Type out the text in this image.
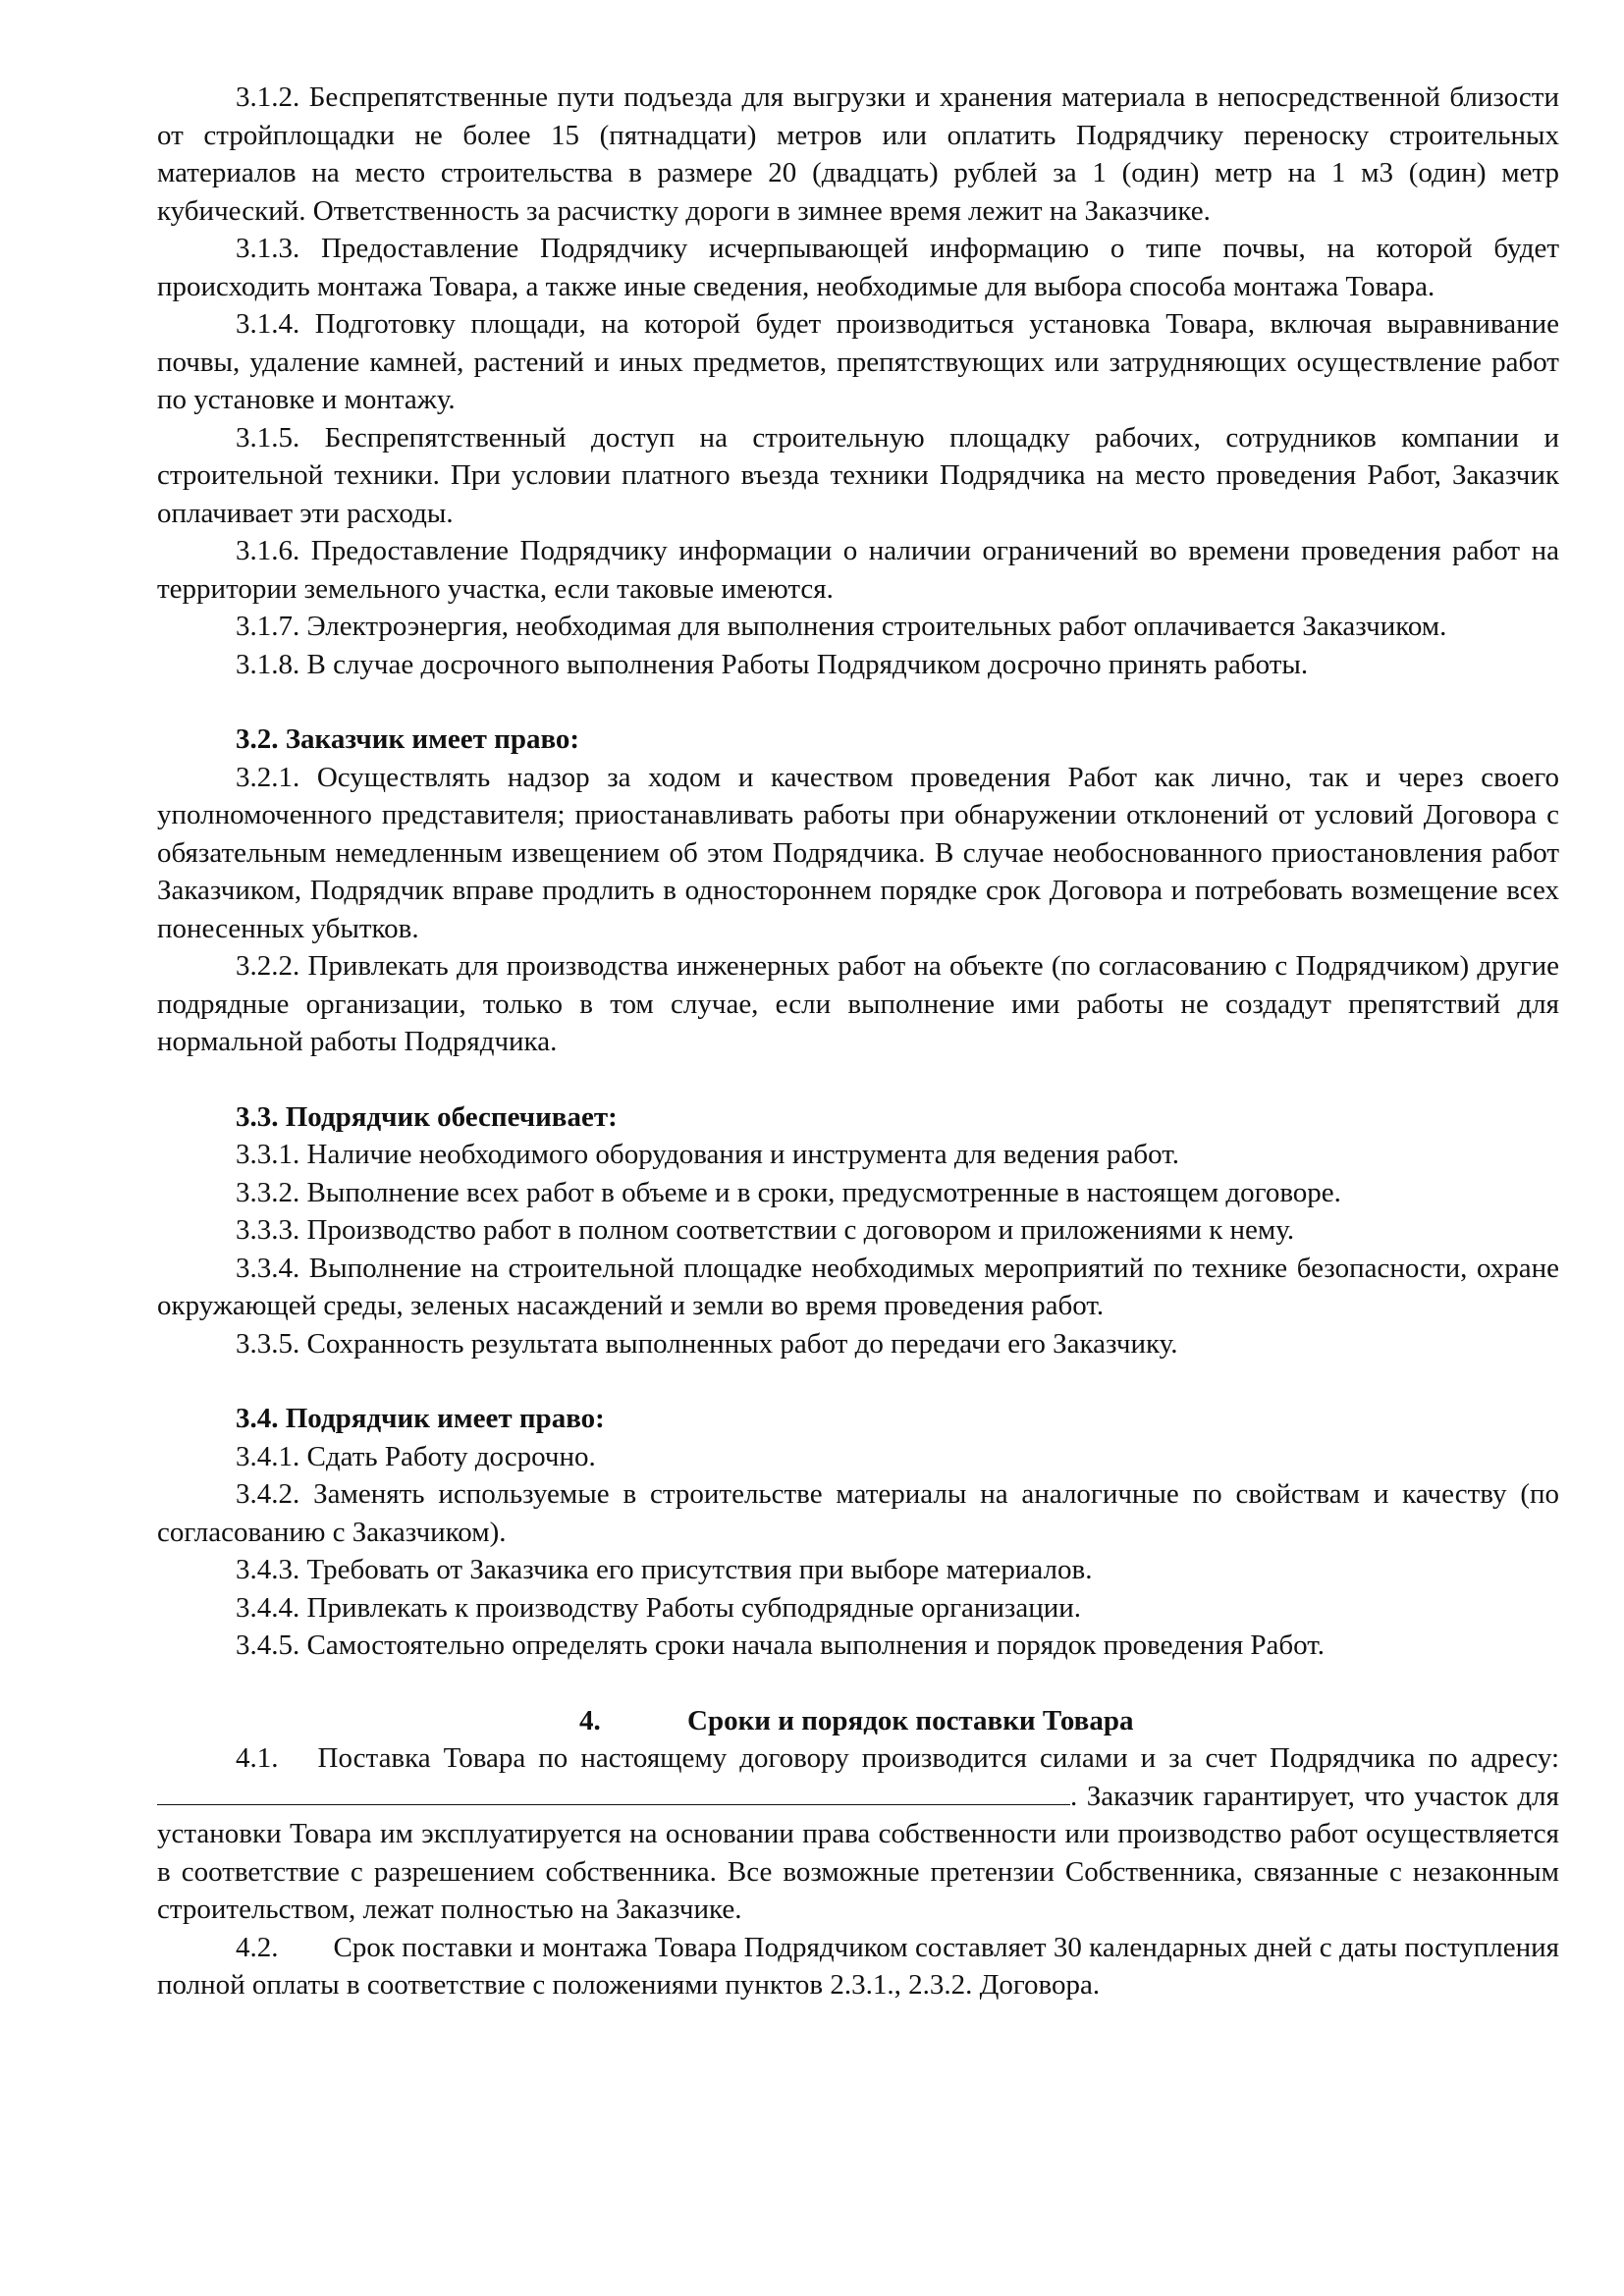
3.1.2. Беспрепятственные пути подъезда для выгрузки и хранения материала в непосредственной близости от стройплощадки не более 15 (пятнадцати) метров или оплатить Подрядчику переноску строительных материалов на место строительства в размере 20 (двадцать) рублей за 1 (один) метр на 1 м3 (один) метр кубический. Ответственность за расчистку дороги в зимнее время лежит на Заказчике.

3.1.3. Предоставление Подрядчику исчерпывающей информацию о типе почвы, на которой будет происходить монтажа Товара, а также иные сведения, необходимые для выбора способа монтажа Товара.

3.1.4. Подготовку площади, на которой будет производиться установка Товара, включая выравнивание почвы, удаление камней, растений и иных предметов, препятствующих или затрудняющих осуществление работ по установке и монтажу.

3.1.5. Беспрепятственный доступ на строительную площадку рабочих, сотрудников компании и строительной техники. При условии платного въезда техники Подрядчика на место проведения Работ, Заказчик оплачивает эти расходы.

3.1.6. Предоставление Подрядчику информации о наличии ограничений во времени проведения работ на территории земельного участка, если таковые имеются.

3.1.7. Электроэнергия, необходимая для выполнения строительных работ оплачивается Заказчиком.

3.1.8. В случае досрочного выполнения Работы Подрядчиком досрочно принять работы.

3.2. Заказчик имеет право:

3.2.1. Осуществлять надзор за ходом и качеством проведения Работ как лично, так и через своего уполномоченного представителя; приостанавливать работы при обнаружении отклонений от условий Договора с обязательным немедленным извещением об этом Подрядчика. В случае необоснованного приостановления работ Заказчиком, Подрядчик вправе продлить в одностороннем порядке срок Договора и потребовать возмещение всех понесенных убытков.

3.2.2. Привлекать для производства инженерных работ на объекте (по согласованию с Подрядчиком) другие подрядные организации, только в том случае, если выполнение ими работы не создадут препятствий для нормальной работы Подрядчика.

3.3. Подрядчик обеспечивает:

3.3.1. Наличие необходимого оборудования и инструмента для ведения работ.

3.3.2. Выполнение всех работ в объеме и в сроки, предусмотренные в настоящем договоре.

3.3.3. Производство работ в полном соответствии с договором и приложениями к нему.

3.3.4. Выполнение на строительной площадке необходимых мероприятий по технике безопасности, охране окружающей среды, зеленых насаждений и земли во время проведения работ.

3.3.5. Сохранность результата выполненных работ до передачи его Заказчику.

3.4. Подрядчик имеет право:

3.4.1. Сдать Работу досрочно.

3.4.2. Заменять используемые в строительстве материалы на аналогичные по свойствам и качеству (по согласованию с Заказчиком).

3.4.3. Требовать от Заказчика его присутствия при выборе материалов.

3.4.4. Привлекать к производству Работы субподрядные организации.

3.4.5. Самостоятельно определять сроки начала выполнения и порядок проведения Работ.

4.	Сроки и порядок поставки Товара

4.1. Поставка Товара по настоящему договору производится силами и за счет Подрядчика по адресу: . Заказчик гарантирует, что участок для установки Товара им эксплуатируется на основании права собственности или производство работ осуществляется в соответствие с разрешением собственника. Все возможные претензии Собственника, связанные с незаконным строительством, лежат полностью на Заказчике.

4.2. Срок поставки и монтажа Товара Подрядчиком составляет 30 календарных дней с даты поступления полной оплаты в соответствие с положениями пунктов 2.3.1., 2.3.2. Договора.
